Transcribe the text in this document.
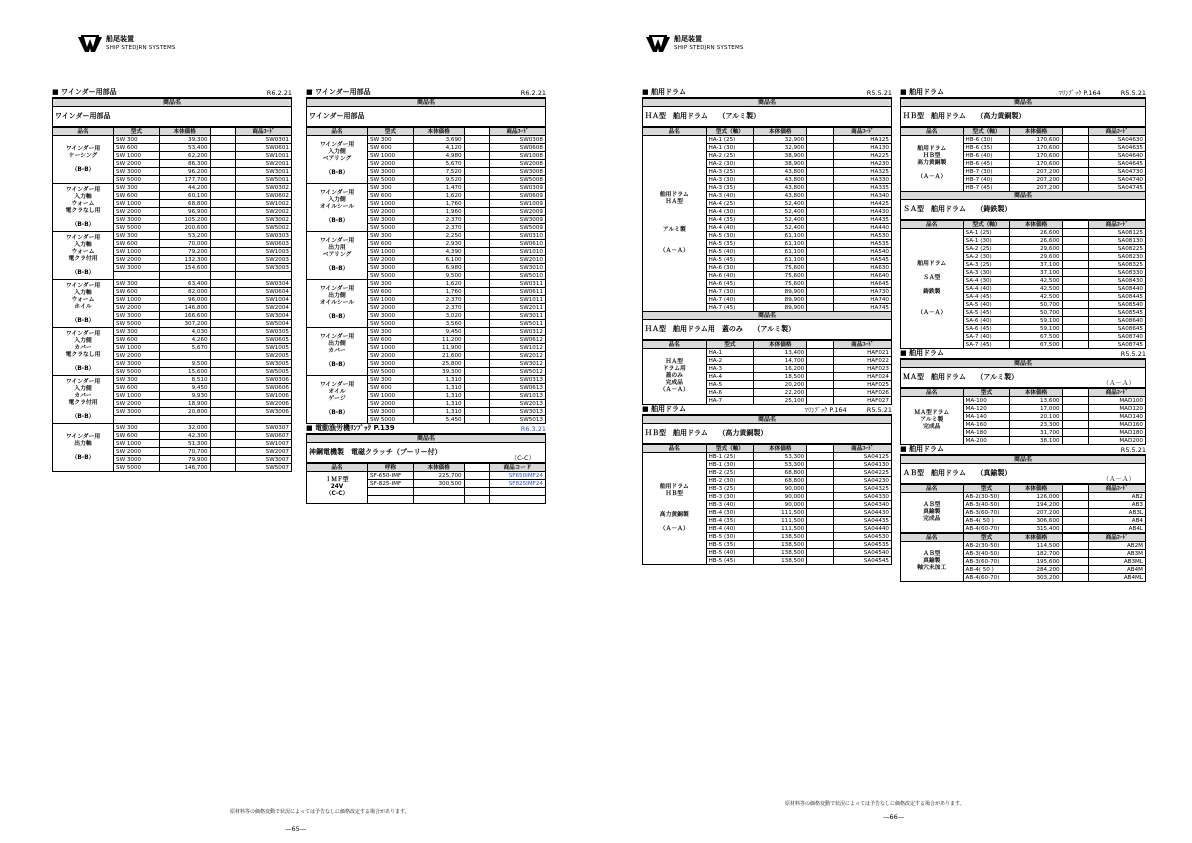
船尾装置
SHIP STEDJRN SYSTEMS
■ ワインダー用部品	R6.2.21
商品名
ワインダー用部品
品名	型式	本体価格		商品ｺｰﾄﾞ
ワインダー用
ケーシング

（B-B）	SW 300	39,300		SW0301
	SW 600	53,400		SW0601
	SW 1000	62,200		SW1001
	SW 2000	86,300		SW2001
	SW 3000	96,200		SW3001
	SW 5000	177,700		SW5001
ワインダー用
入力軸
ウォーム
電クラなし用

（B-B）	SW 300	44,200		SW0302
	SW 600	60,100		SW0602
	SW 1000	68,800		SW1002
	SW 2000	96,900		SW2002
	SW 3000	105,200		SW3002
	SW 5000	200,600		SW5002
ワインダー用
入力軸
ウォーム
電クラ付用

（B-B）	SW 300	53,200		SW0303
	SW 600	70,000		SW0603
	SW 1000	79,200		SW1003
	SW 2000	132,300		SW2003
	SW 3000	154,600		SW3003

ワインダー用
入力軸
ウォーム
ホイル

（B-B）	SW 300	63,400		SW0304
	SW 600	82,000		SW0604
	SW 1000	96,000		SW1004
	SW 2000	146,800		SW2004
	SW 3000	166,600		SW3004
	SW 5000	307,200		SW5004
ワインダー用
入力側
カバー
電クラなし用

（B-B）	SW 300	4,030		SW0305
	SW 600	4,260		SW0605
	SW 1000	5,670		SW1005
	SW 2000			SW2005
	SW 3000	9,500		SW3005
	SW 5000	15,600		SW5005
ワインダー用
入力側
カバー
電クラ付用

（B-B）	SW 300	8,510		SW0306
	SW 600	9,450		SW0606
	SW 1000	9,930		SW1006
	SW 2000	18,900		SW2006
	SW 3000	20,800		SW3006

ワインダー用
出力軸

（B-B）	SW 300	32,000		SW0307
	SW 600	42,300		SW0607
	SW 1000	51,300		SW1007
	SW 2000	70,700		SW2007
	SW 3000	79,900		SW3007
	SW 5000	146,700		SW5007
■ ワインダー用部品	R6.2.21
商品名
ワインダー用部品
品名	型式	本体価格		商品ｺｰﾄﾞ
ワインダー用
入力側
ベアリング

（B-B）	SW 300	3,690		SW0308
	SW 600	4,120		SW0608
	SW 1000	4,980		SW1008
	SW 2000	5,670		SW2008
	SW 3000	7,520		SW3008
	SW 5000	9,520		SW5008
ワインダー用
入力側
オイルシール

（B-B）	SW 300	1,470		SW0309
	SW 600	1,620		SW0609
	SW 1000	1,760		SW1009
	SW 2000	1,960		SW2009
	SW 3000	2,370		SW3009
	SW 5000	2,370		SW5009
ワインダー用
出力用
ベアリング

（B-B）	SW 300	2,250		SW0310
	SW 600	2,930		SW0610
	SW 1000	4,390		SW1010
	SW 2000	6,100		SW2010
	SW 3000	6,980		SW3010
	SW 5000	9,500		SW5010
ワインダー用
出力側
オイルシール

（B-B）	SW 300	1,620		SW0311
	SW 600	1,760		SW0611
	SW 1000	2,370		SW1011
	SW 2000	2,370		SW2011
	SW 3000	3,020		SW3011
	SW 5000	3,560		SW5011
ワインダー用
出力側
カバー

（B-B）	SW 300	9,450		SW0312
	SW 600	11,200		SW0612
	SW 1000	11,900		SW1012
	SW 2000	21,600		SW2012
	SW 3000	25,800		SW3012
	SW 5000	39,300		SW5012
ワインダー用
オイル
ゲージ

（B-B）	SW 300	1,310		SW0313
	SW 600	1,310		SW0613
	SW 1000	1,310		SW1013
	SW 2000	1,310		SW2013
	SW 3000	1,310		SW3013
	SW 5000	5,450		SW5013
■ 電動漁労機ﾘﾝﾌﾟｯｸ P.139	R6.3.21
商品名
神鋼電機製　電磁クラッチ（プーリー付）
（C-C）
品名	呼称	本体価格		商品コード
ＩＭＦ型
24V
（C-C）	SF-650-IMF	225,700		SF650IMF24
	SF-825-IMF	300,500		SF825IMF24

原材料等の価格変動で状況によっては予告なしに価格改定する場合があります。
—65—
船尾装置
SHIP STEDJRN SYSTEMS
■ 舶用ドラム	R5.5.21
商品名
ＨＡ型　舶用ドラム　　（アルミ製）
品名	型式（軸）	本体価格		商品ｺｰﾄﾞ
舶用ドラム
ＨＡ型

アルミ製

（Ａ－Ａ）	HA-1 (25)	32,900		HA125
	HA-1 (30)	32,900		HA130
	HA-2 (25)	38,900		HA225
	HA-2 (30)	38,900		HA230
	HA-3 (25)	43,800		HA325
	HA-3 (30)	43,800		HA330
	HA-3 (35)	43,800		HA335
	HA-3 (40)	43,800		HA340
	HA-4 (25)	52,400		HA425
	HA-4 (30)	52,400		HA430
	HA-4 (35)	52,400		HA435
	HA-4 (40)	52,400		HA440
	HA-5 (30)	61,100		HA530
	HA-5 (35)	61,100		HA535
	HA-5 (40)	61,100		HA540
	HA-5 (45)	61,100		HA545
	HA-6 (30)	75,600		HA630
	HA-6 (40)	75,600		HA640
	HA-6 (45)	75,600		HA645
	HA-7 (30)	89,900		HA730
	HA-7 (40)	89,900		HA740
	HA-7 (45)	89,900		HA745
商品名
ＨＡ型　舶用ドラム用　蓋のみ　　（アルミ製）
品名	型式	本体価格		商品ｺｰﾄﾞ
ＨＡ型
ドラム用
蓋のみ
完成品
（Ａ－Ａ）	HA-1	13,400		HAF021
	HA-2	14,700		HAF022
	HA-3	16,200		HAF023
	HA-4	18,500		HAF024
	HA-5	20,200		HAF025
	HA-6	22,200		HAF026
	HA-7	25,100		HAF027
■ 舶用ドラム	ﾏﾘﾝﾌﾞｯｸ P.164	R5.5.21
商品名
ＨＢ型　舶用ドラム　　（高力黄銅製）
品名	型式（軸）	本体価格		商品ｺｰﾄﾞ
舶用ドラム
ＨＢ型

高力黄銅製

（Ａ－Ａ）	HB-1 (25)	53,300		SA04125
	HB-1 (30)	53,300		SA04130
	HB-2 (25)	68,800		SA04225
	HB-2 (30)	68,800		SA04230
	HB-3 (25)	90,000		SA04325
	HB-3 (30)	90,000		SA04330
	HB-3 (40)	90,000		SA04340
	HB-4 (30)	111,500		SA04430
	HB-4 (35)	111,500		SA04435
	HB-4 (40)	111,500		SA04440
	HB-5 (30)	138,500		SA04530
	HB-5 (35)	138,500		SA04535
	HB-5 (40)	138,500		SA04540
	HB-5 (45)	138,500		SA04545
■ 舶用ドラム	ﾏﾘﾝﾌﾞｯｸ P.164	R5.5.21
商品名
ＨＢ型　舶用ドラム　　（高力黄銅製）
品名	型式（軸）	本体価格		商品ｺｰﾄﾞ
舶用ドラム
ＨＢ型
高力黄銅製

（Ａ－Ａ）	HB-6 (30)	170,600		SA04630
	HB-6 (35)	170,600		SA04635
	HB-6 (40)	170,600		SA04640
	HB-6 (45)	170,600		SA04645
	HB-7 (30)	207,200		SA04730
	HB-7 (40)	207,200		SA04740
	HB-7 (45)	207,200		SA04745
商品名
ＳＡ型　舶用ドラム　　（鋳鉄製）
品名	型式（軸）	本体価格		商品ｺｰﾄﾞ
舶用ドラム

ＳＡ型

鋳鉄製

（Ａ－Ａ）	SA-1 (25)	26,600		SA08125
	SA-1 (30)	26,600		SA08130
	SA-2 (25)	29,600		SA08225
	SA-2 (30)	29,600		SA08230
	SA-3 (25)	37,100		SA08325
	SA-3 (30)	37,100		SA08330
	SA-4 (30)	42,500		SA08430
	SA-4 (40)	42,500		SA08440
	SA-4 (45)	42,500		SA08445
	SA-5 (40)	50,700		SA08540
	SA-5 (45)	50,700		SA08545
	SA-6 (40)	59,100		SA08640
	SA-6 (45)	59,100		SA08645
	SA-7 (40)	67,500		SA08740
	SA-7 (45)	67,500		SA08745
■ 舶用ドラム	R5.5.21
商品名
ＭＡ型　舶用ドラム　　（アルミ製）
（Ａ－Ａ）
品名	型式	本体価格		商品ｺｰﾄﾞ
ＭＡ型ドラム
アルミ製
完成品	MA-100	13,600		MAD100
	MA-120	17,000		MAD120
	MA-140	20,100		MAD140
	MA-160	23,300		MAD160
	MA-180	31,700		MAD180
	MA-200	38,100		MAD200
■ 舶用ドラム	R5.5.21
商品名
ＡＢ型　舶用ドラム　　（真鍮製）
（Ａ－Ａ）
品名	型式	本体価格		商品ｺｰﾄﾞ
ＡＢ型
真鍮製
完成品	AB-2(30-50)	126,000		AB2
	AB-3(40-50)	194,200		AB3
	AB-3(60-70)	207,200		AB3L
	AB-4( 50 )	306,600		AB4
	AB-4(60-70)	315,400		AB4L
品名	型式	本体価格		商品ｺｰﾄﾞ
ＡＢ型
真鍮製
軸穴未加工	AB-2(30-50)	114,500		AB2M
	AB-3(40-50)	182,700		AB3M
	AB-3(60-70)	195,600		AB3ML
	AB-4( 50 )	284,200		AB4M
	AB-4(60-70)	303,200		AB4ML
原材料等の価格変動で状況によっては予告なしに価格改定する場合があります。
—66—
